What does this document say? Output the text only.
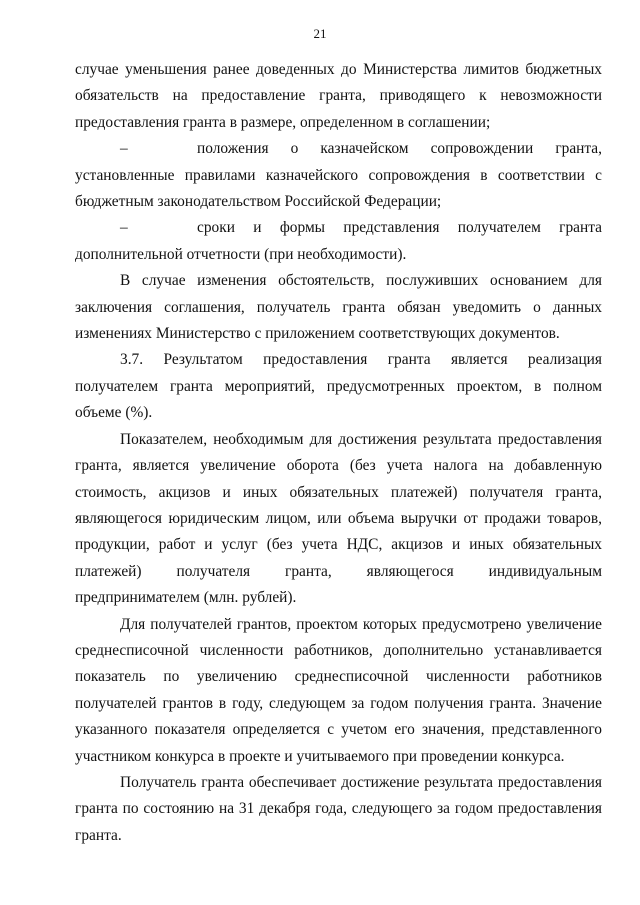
21

случае уменьшения ранее доведенных до Министерства лимитов бюджетных обязательств на предоставление гранта, приводящего к невозможности предоставления гранта в размере, определенном в соглашении;

–	положения о казначейском сопровождении гранта, установленные правилами казначейского сопровождения в соответствии с бюджетным законодательством Российской Федерации;

–	сроки и формы представления получателем гранта дополнительной отчетности (при необходимости).

В случае изменения обстоятельств, послуживших основанием для заключения соглашения, получатель гранта обязан уведомить о данных изменениях Министерство с приложением соответствующих документов.

3.7. Результатом предоставления гранта является реализация получателем гранта мероприятий, предусмотренных проектом, в полном объеме (%).

Показателем, необходимым для достижения результата предоставления гранта, является увеличение оборота (без учета налога на добавленную стоимость, акцизов и иных обязательных платежей) получателя гранта, являющегося юридическим лицом, или объема выручки от продажи товаров, продукции, работ и услуг (без учета НДС, акцизов и иных обязательных платежей) получателя гранта, являющегося индивидуальным предпринимателем (млн. рублей).

Для получателей грантов, проектом которых предусмотрено увеличение среднесписочной численности работников, дополнительно устанавливается показатель по увеличению среднесписочной численности работников получателей грантов в году, следующем за годом получения гранта. Значение указанного показателя определяется с учетом его значения, представленного участником конкурса в проекте и учитываемого при проведении конкурса.

Получатель гранта обеспечивает достижение результата предоставления гранта по состоянию на 31 декабря года, следующего за годом предоставления гранта.
